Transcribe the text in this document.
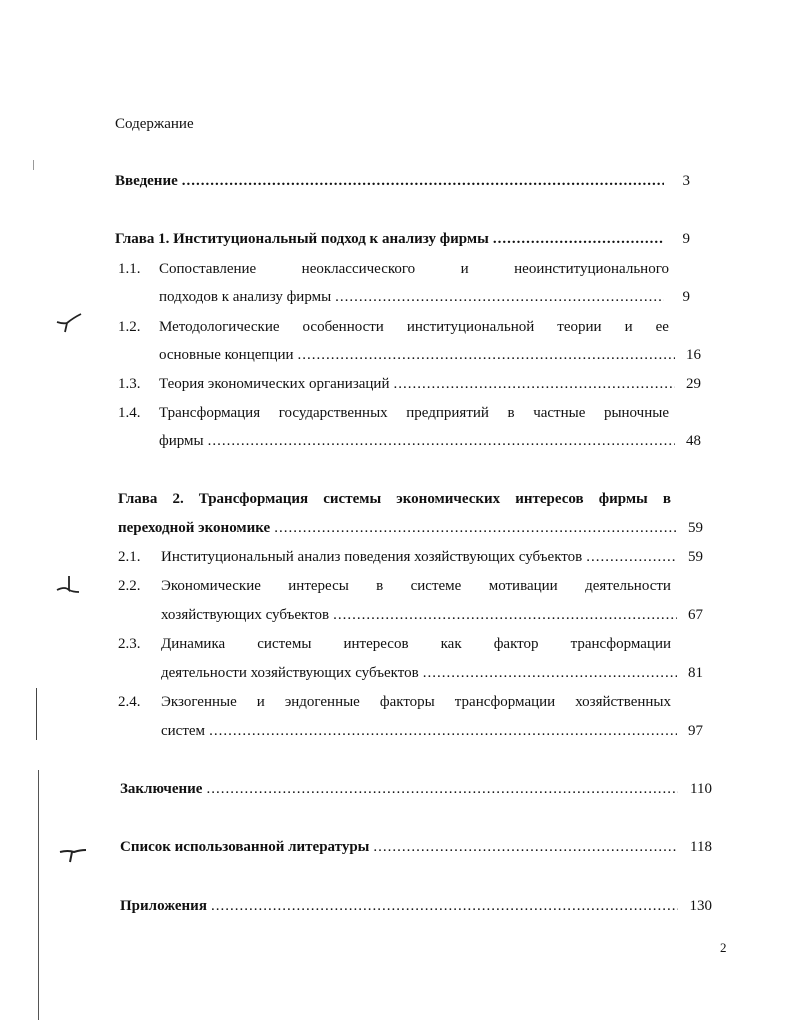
Содержание
Введение .....	3
Глава 1. Институциональный подход к анализу фирмы .....	9
1.1. Сопоставление	неоклассического	и	неоинституционального
подходов к анализу фирмы .....	9
1.2. Методологические особенности институциональной теории и ее
основные концепции .....	16
1.3. Теория экономических организаций .....	29
1.4. Трансформация государственных предприятий в частные рыночные
фирмы .....	48
Глава 2. Трансформация системы экономических интересов фирмы в
переходной экономике .....	59
2.1. Институциональный анализ поведения хозяйствующих субъектов .....	59
2.2. Экономические интересы в системе мотивации деятельности
хозяйствующих субъектов .....	67
2.3. Динамика системы интересов как фактор трансформации
деятельности хозяйствующих субъектов .....	81
2.4. Экзогенные и эндогенные факторы трансформации хозяйственных
систем .....	97
Заключение .....	110
Список использованной литературы .....	118
Приложения .....	130
2
